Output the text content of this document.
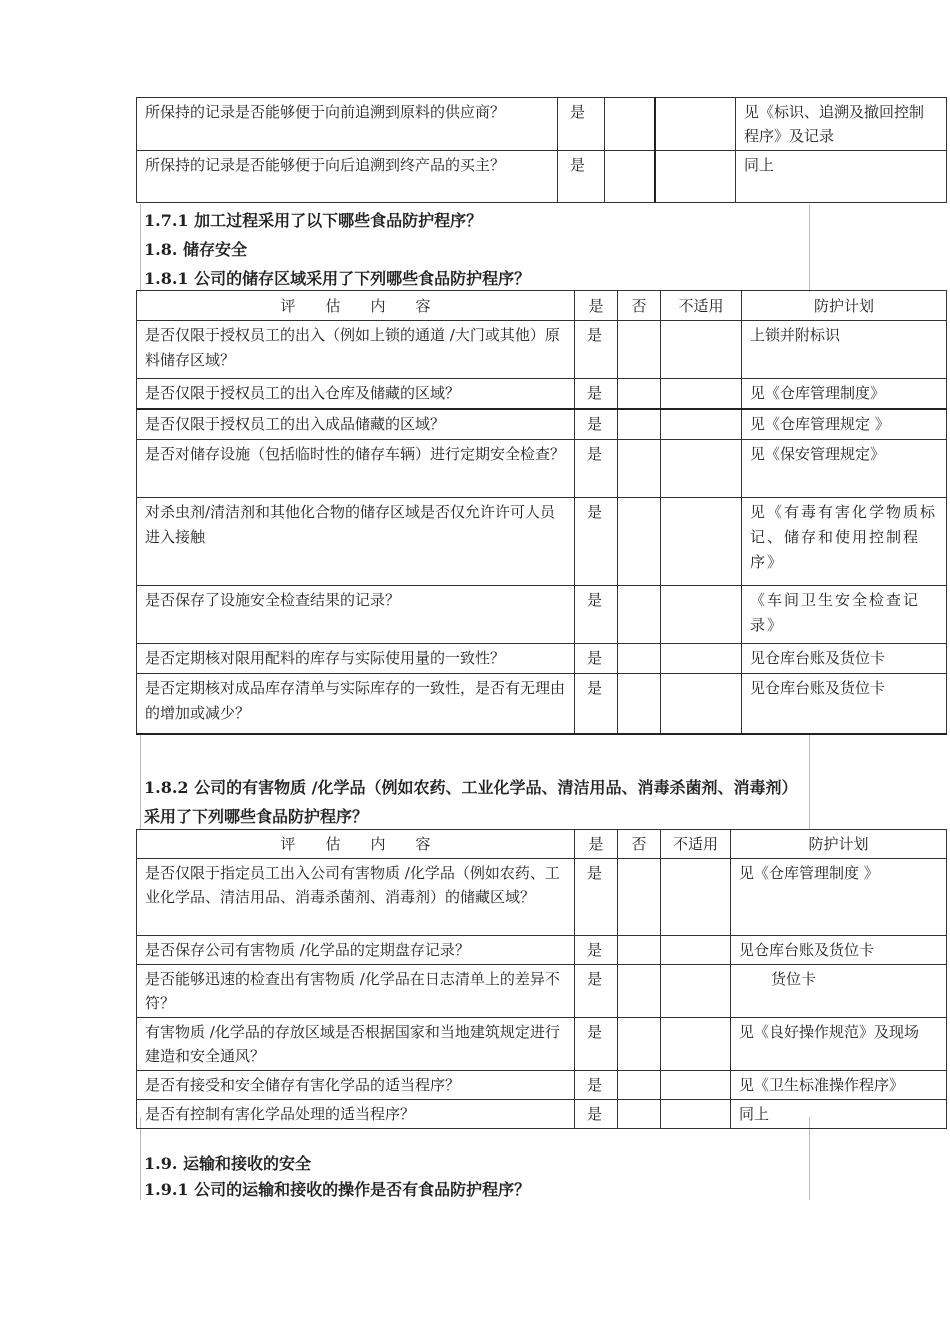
所保持的记录是否能够便于向前追溯到原料的供应商？	是			见《标识、追溯及撤回控制程序》及记录
所保持的记录是否能够便于向后追溯到终产品的买主？	是			同上
1.7.1 加工过程采用了以下哪些食品防护程序？
1.8. 储存安全
1.8.1 公司的储存区域采用了下列哪些食品防护程序？
评　　估　　内　　容	是	否	不适用	防护计划
是否仅限于授权员工的出入（例如上锁的通道 /大门或其他）原料储存区域？	是			上锁并附标识
是否仅限于授权员工的出入仓库及储藏的区域？	是			见《仓库管理制度》
是否仅限于授权员工的出入成品储藏的区域？	是			见《仓库管理规定 》
是否对储存设施（包括临时性的储存车辆）进行定期安全检查？	是			见《保安管理规定》
对杀虫剂/清洁剂和其他化合物的储存区域是否仅允许许可人员进入接触	是			见《有毒有害化学物质标记、储存和使用控制程序》
是否保存了设施安全检查结果的记录？	是			《车间卫生安全检查记录》
是否定期核对限用配料的库存与实际使用量的一致性？	是			见仓库台账及货位卡
是否定期核对成品库存清单与实际库存的一致性，是否有无理由的增加或减少？	是			见仓库台账及货位卡
1.8.2 公司的有害物质 /化学品（例如农药、工业化学品、清洁用品、消毒杀菌剂、消毒剂）采用了下列哪些食品防护程序？
评　　估　　内　　容	是	否	不适用	防护计划
是否仅限于指定员工出入公司有害物质 /化学品（例如农药、工业化学品、清洁用品、消毒杀菌剂、消毒剂）的储藏区域？	是			见《仓库管理制度 》
是否保存公司有害物质 /化学品的定期盘存记录？	是			见仓库台账及货位卡
是否能够迅速的检查出有害物质 /化学品在日志清单上的差异不符？	是			货位卡
有害物质 /化学品的存放区域是否根据国家和当地建筑规定进行建造和安全通风？	是			见《良好操作规范》及现场
是否有接受和安全储存有害化学品的适当程序？	是			见《卫生标准操作程序》
是否有控制有害化学品处理的适当程序？	是			同上
1.9. 运输和接收的安全
1.9.1 公司的运输和接收的操作是否有食品防护程序？
